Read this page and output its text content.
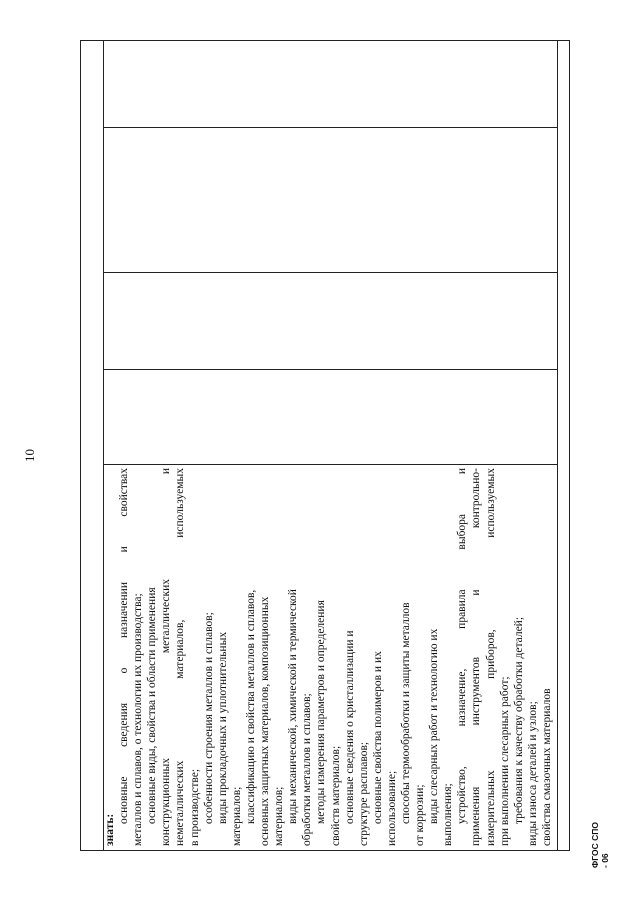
10

знать:

основные сведения о назначении и свойствах металлов и сплавов, о технологии их производства; основные виды, свойства и области применения конструкционных металлических и неметаллических материалов, используемых в производстве; особенности строения металлов и сплавов; виды прокладочных и уплотнительных материалов; классификацию и свойства металлов и сплавов, основных защитных материалов, композиционных материалов; виды механической, химической и термической обработки металлов и сплавов; методы измерения параметров и определения свойств материалов; основные сведения о кристаллизации и структуре расплавов; основные свойства полимеров и их использование; способы термообработки и защиты металлов от коррозии; виды слесарных работ и технологию их выполнения; устройство, назначение, правила выбора и применения инструментов и контрольно- измерительных приборов, используемых при выполнении слесарных работ; требования к качеству обработки деталей; виды износа деталей и узлов; свойства смазочных материалов	ФГОС СПО - 06
